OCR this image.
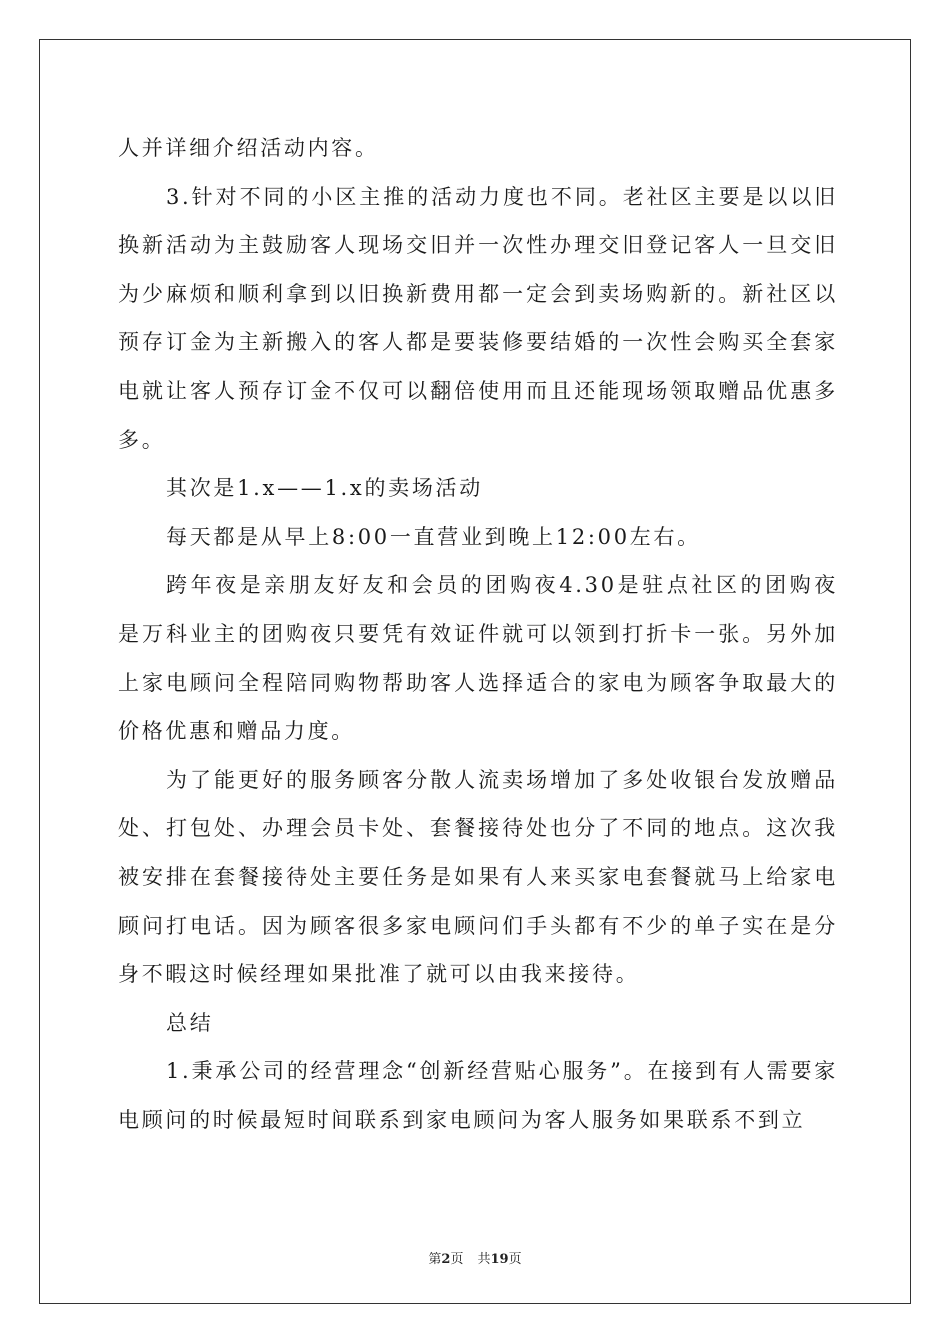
人并详细介绍活动内容。

3.针对不同的小区主推的活动力度也不同。老社区主要是以以旧换新活动为主鼓励客人现场交旧并一次性办理交旧登记客人一旦交旧为少麻烦和顺利拿到以旧换新费用都一定会到卖场购新的。新社区以预存订金为主新搬入的客人都是要装修要结婚的一次性会购买全套家电就让客人预存订金不仅可以翻倍使用而且还能现场领取赠品优惠多多。

其次是1.x——1.x的卖场活动

每天都是从早上8:00一直营业到晚上12:00左右。

跨年夜是亲朋友好友和会员的团购夜4.30是驻点社区的团购夜是万科业主的团购夜只要凭有效证件就可以领到打折卡一张。另外加上家电顾问全程陪同购物帮助客人选择适合的家电为顾客争取最大的价格优惠和赠品力度。

为了能更好的服务顾客分散人流卖场增加了多处收银台发放赠品处、打包处、办理会员卡处、套餐接待处也分了不同的地点。这次我被安排在套餐接待处主要任务是如果有人来买家电套餐就马上给家电顾问打电话。因为顾客很多家电顾问们手头都有不少的单子实在是分身不暇这时候经理如果批准了就可以由我来接待。

总结

1.秉承公司的经营理念“创新经营贴心服务”。在接到有人需要家电顾问的时候最短时间联系到家电顾问为客人服务如果联系不到立

第2页 共19页
